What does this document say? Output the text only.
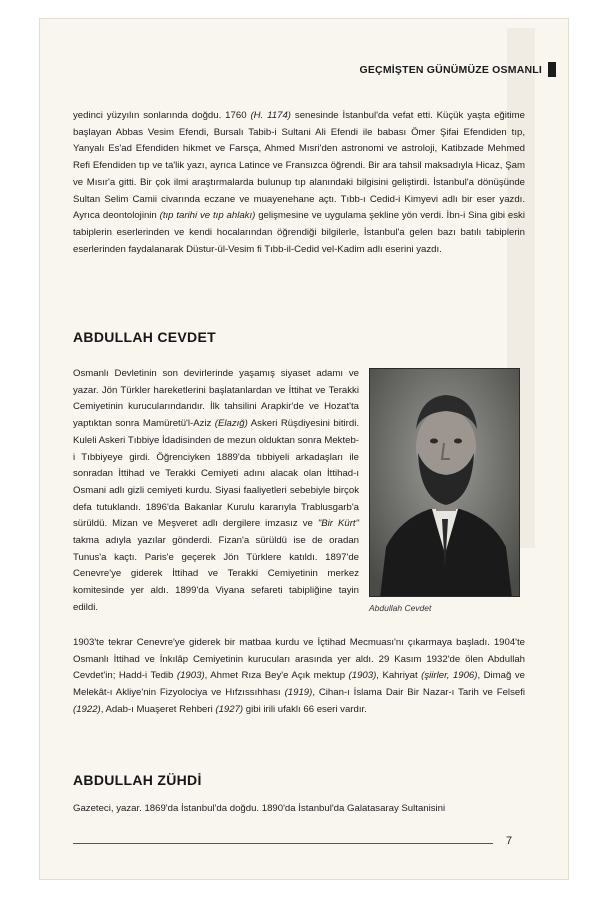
GEÇMİŞTEN GÜNÜMÜZE OSMANLI
yedinci yüzyılın sonlarında doğdu. 1760 (H. 1174) senesinde İstanbul'da vefat etti. Küçük yaşta eğitime başlayan Abbas Vesim Efendi, Bursalı Tabib-i Sultani Ali Efendi ile babası Ömer Şifai Efendiden tıp, Yanyalı Es'ad Efendiden hikmet ve Farsça, Ahmed Mısri'den astronomi ve astroloji, Katibzade Mehmed Refi Efendiden tıp ve ta'lik yazı, ayrıca Latince ve Fransızca öğrendi. Bir ara tahsil maksadıyla Hicaz, Şam ve Mısır'a gitti. Bir çok ilmi araştırmalarda bulunup tıp alanındaki bilgisini geliştirdi. İstanbul'a dönüşünde Sultan Selim Camii civarında eczane ve muayenehane açtı. Tıbb-ı Cedid-i Kimyevi adlı bir eser yazdı. Ayrıca deontolojinin (tıp tarihi ve tıp ahlakı) gelişmesine ve uygulama şekline yön verdi. İbn-i Sina gibi eski tabiplerin eserlerinden ve kendi hocalarından öğrendiği bilgilerle, İstanbul'a gelen bazı batılı tabiplerin eserlerinden faydalanarak Düstur-ül-Vesim fi Tıbb-il-Cedid vel-Kadim adlı eserini yazdı.
ABDULLAH CEVDET
Osmanlı Devletinin son devirlerinde yaşamış siyaset adamı ve yazar. Jön Türkler hareketlerini başlatanlardan ve İttihat ve Terakki Cemiyetinin kurucularındandır. İlk tahsilini Arapkir'de ve Hozat'ta yaptıktan sonra Mamüretü'l-Aziz (Elazığ) Askeri Rüşdiyesini bitirdi. Kuleli Askeri Tıbbiye İdadisinden de mezun olduktan sonra Mekteb-i Tıbbiyeye girdi. Öğrenciyken 1889'da tıbbiyeli arkadaşları ile sonradan İttihad ve Terakki Cemiyeti adını alacak olan İttihad-ı Osmani adlı gizli cemiyeti kurdu. Siyasi faaliyetleri sebebiyle birçok defa tutuklandı. 1896'da Bakanlar Kurulu kararıyla Trablusgarb'a sürüldü. Mizan ve Meşveret adlı dergilere imzasız ve "Bir Kürt" takma adıyla yazılar gönderdi. Fizan'a sürüldü ise de oradan Tunus'a kaçtı. Paris'e geçerek Jön Türklere katıldı. 1897'de Cenevre'ye giderek İttihad ve Terakki Cemiyetinin merkez komitesinde yer aldı. 1899'da Viyana sefareti tabipliğine tayin edildi.	Abdullah Cevdet
1903'te tekrar Cenevre'ye giderek bir matbaa kurdu ve İçtihad Mecmuası'nı çıkarmaya başladı. 1904'te Osmanlı İttihad ve İnkılâp Cemiyetinin kurucuları arasında yer aldı. 29 Kasım 1932'de ölen Abdullah Cevdet'in; Hadd-i Tedib (1903), Ahmet Rıza Bey'e Açık mektup (1903), Kahriyat (şiirler, 1906), Dimağ ve Melekât-ı Akliye'nin Fizyolociya ve Hıfzıssıhhası (1919), Cihan-ı İslama Dair Bir Nazar-ı Tarih ve Felsefi (1922), Adab-ı Muaşeret Rehberi (1927) gibi irili ufaklı 66 eseri vardır.
ABDULLAH ZÜHDİ
Gazeteci, yazar. 1869'da İstanbul'da doğdu. 1890'da İstanbul'da Galatasaray Sultanisini
7
